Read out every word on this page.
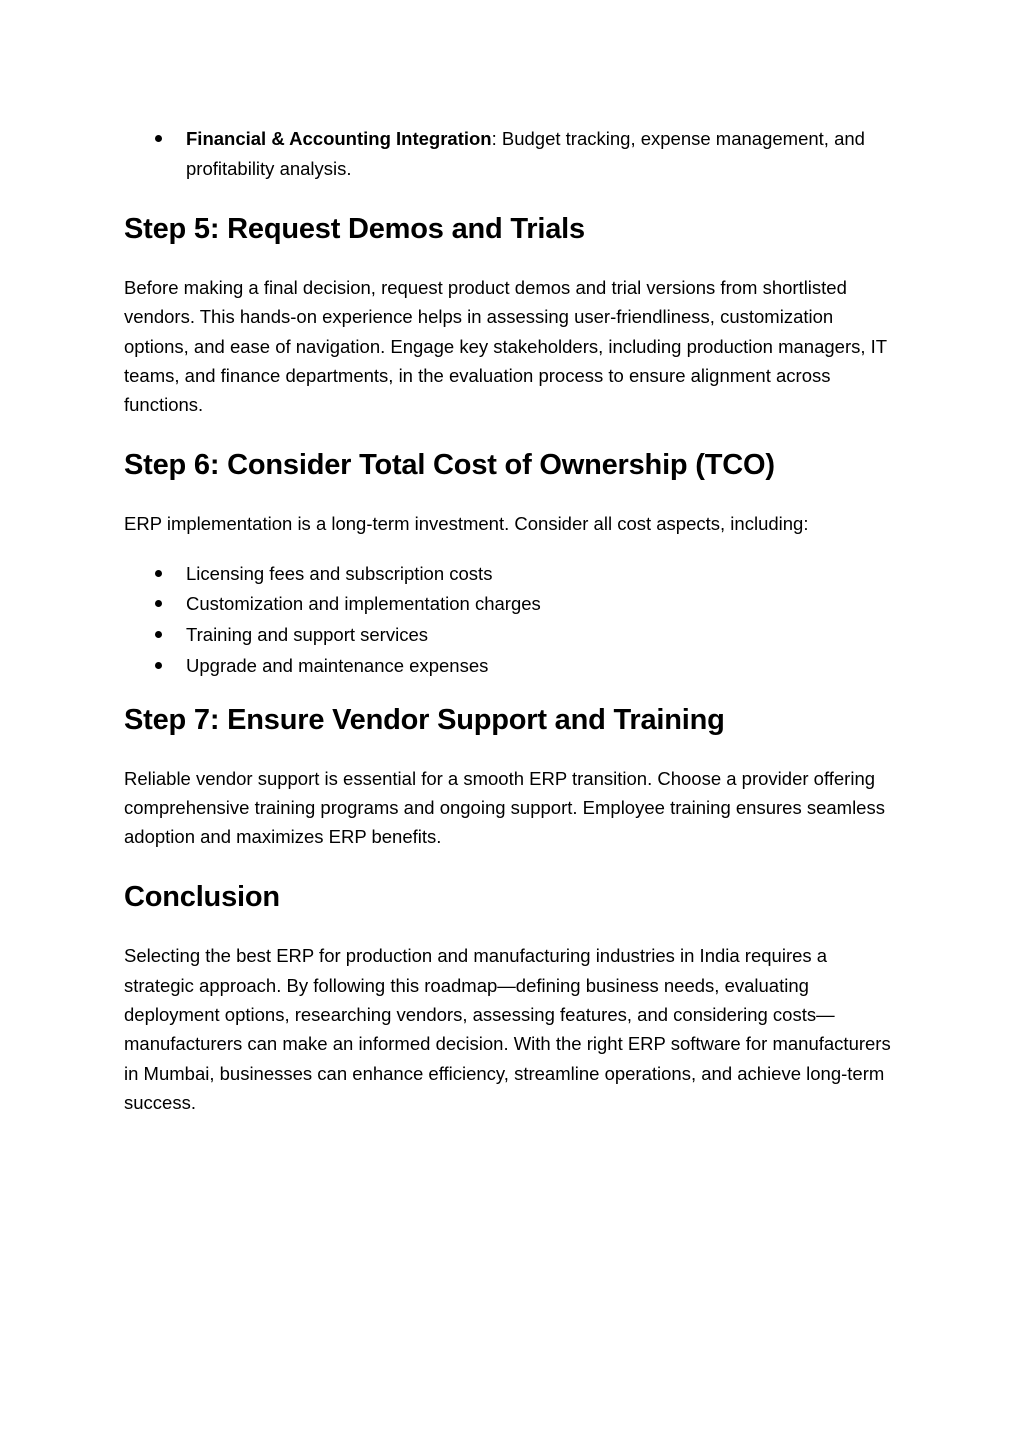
Financial & Accounting Integration: Budget tracking, expense management, and profitability analysis.
Step 5: Request Demos and Trials

Before making a final decision, request product demos and trial versions from shortlisted vendors. This hands-on experience helps in assessing user-friendliness, customization options, and ease of navigation. Engage key stakeholders, including production managers, IT teams, and finance departments, in the evaluation process to ensure alignment across functions.

Step 6: Consider Total Cost of Ownership (TCO)

ERP implementation is a long-term investment. Consider all cost aspects, including:

Licensing fees and subscription costs
Customization and implementation charges
Training and support services
Upgrade and maintenance expenses
Step 7: Ensure Vendor Support and Training

Reliable vendor support is essential for a smooth ERP transition. Choose a provider offering comprehensive training programs and ongoing support. Employee training ensures seamless adoption and maximizes ERP benefits.

Conclusion

Selecting the best ERP for production and manufacturing industries in India requires a strategic approach. By following this roadmap—defining business needs, evaluating deployment options, researching vendors, assessing features, and considering costs—manufacturers can make an informed decision. With the right ERP software for manufacturers in Mumbai, businesses can enhance efficiency, streamline operations, and achieve long-term success.
